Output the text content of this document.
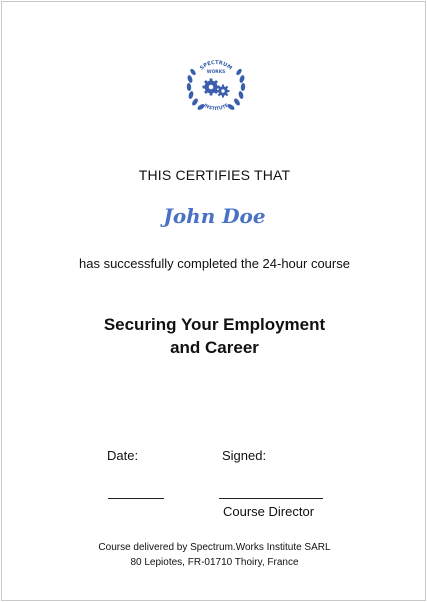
SPECTRUM
WORKS
INSTITUTE
THIS CERTIFIES THAT
John Doe
has successfully completed the 24-hour course
Securing Your Employment
and Career
Date:	Signed:
Course Director
Course delivered by Spectrum.Works Institute SARL
80 Lepiotes, FR-01710 Thoiry, France
